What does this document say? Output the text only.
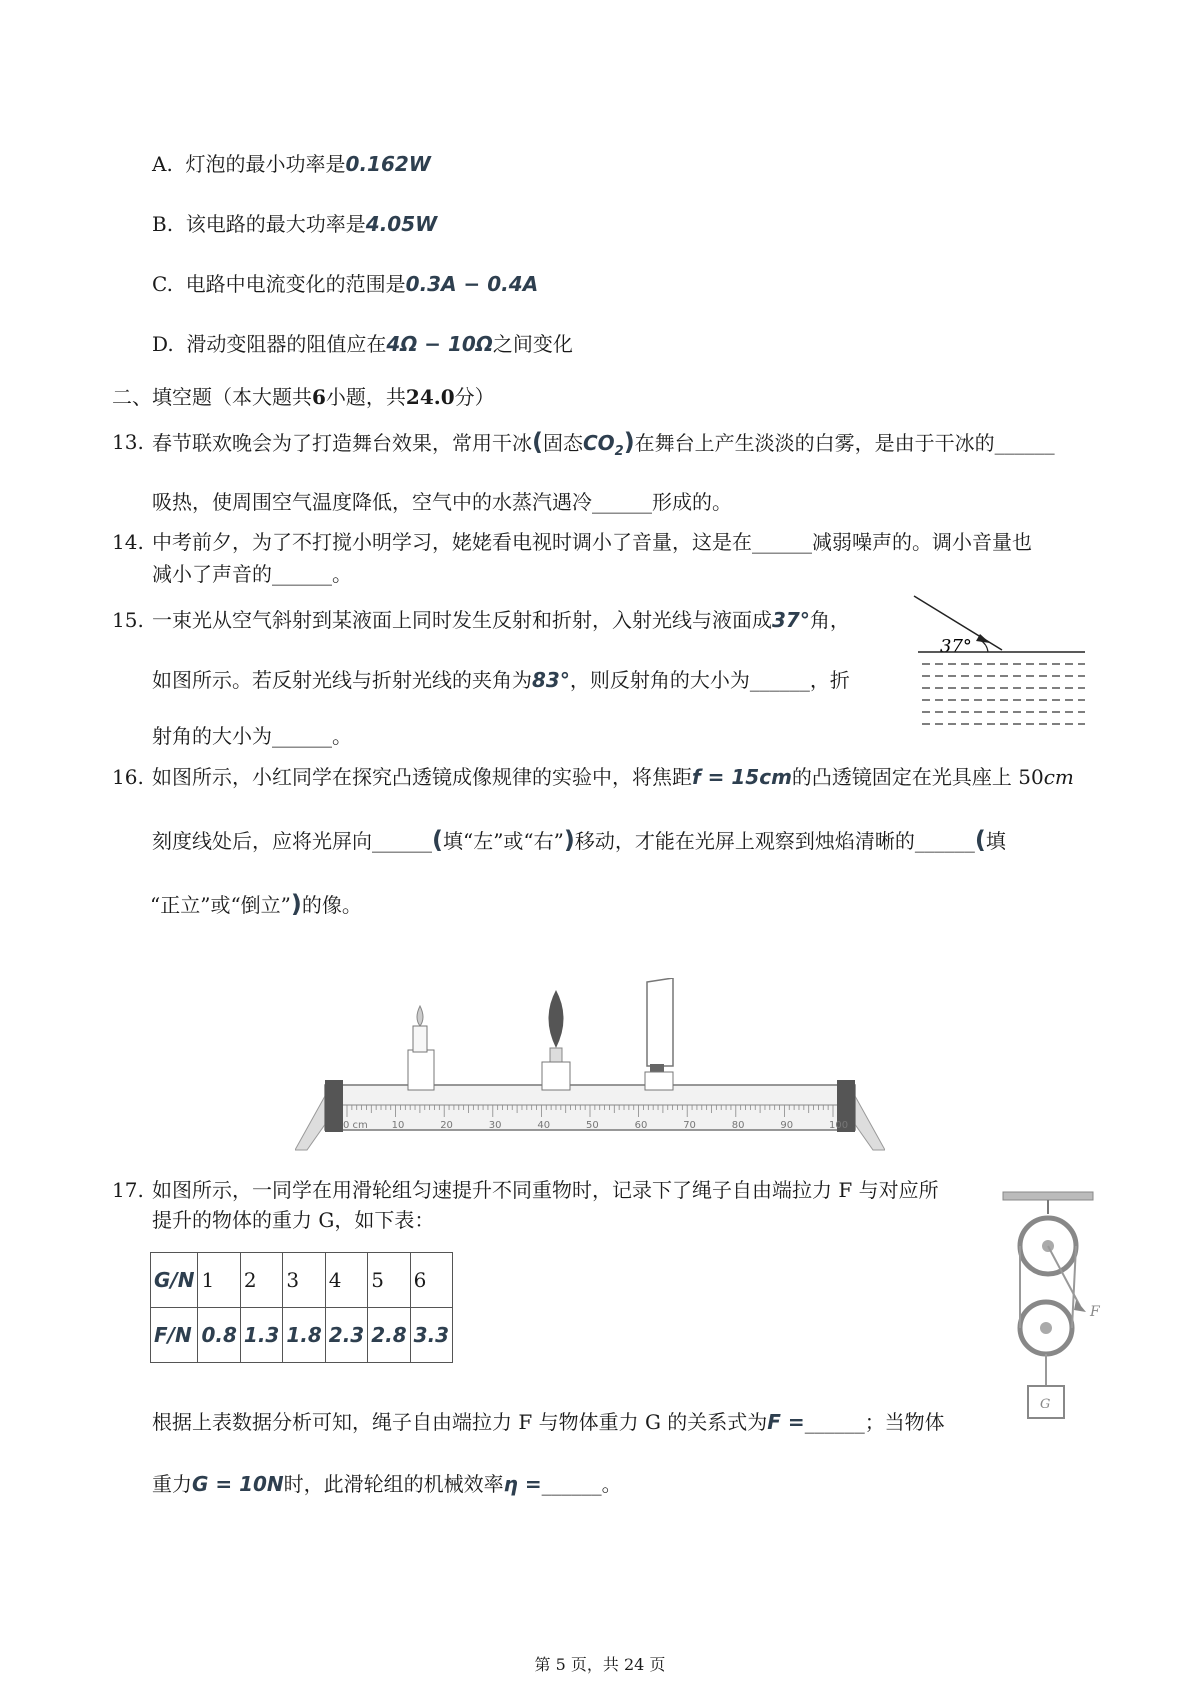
A. 灯泡的最小功率是0.162W
B. 该电路的最大功率是4.05W
C. 电路中电流变化的范围是0.3A − 0.4A
D. 滑动变阻器的阻值应在4Ω − 10Ω之间变化
二、填空题（本大题共6小题，共24.0分）
13. 春节联欢晚会为了打造舞台效果，常用干冰(固态$CO_2$)在舞台上产生淡淡的白雾，是由于干冰的______
吸热，使周围空气温度降低，空气中的水蒸汽遇冷______形成的。
14. 中考前夕，为了不打搅小明学习，姥姥看电视时调小了音量，这是在______减弱噪声的。调小音量也
减小了声音的______。
15. 一束光从空气斜射到某液面上同时发生反射和折射，入射光线与液面成37°角，
如图所示。若反射光线与折射光线的夹角为83°，则反射角的大小为______，折
射角的大小为______。
37°
16. 如图所示，小红同学在探究凸透镜成像规律的实验中，将焦距f = 15cm的凸透镜固定在光具座上 50cm
刻度线处后，应将光屏向______(填“左”或“右”)移动，才能在光屏上观察到烛焰清晰的______(填
“正立”或“倒立”)的像。
0 cm 10	20	30	40	50	60	70	80	90	100
17. 如图所示，一同学在用滑轮组匀速提升不同重物时，记录下了绳子自由端拉力 F 与对应所
提升的物体的重力 G，如下表：
G/N	1	2	3	4	5	6
F/N	0.8	1.3	1.8	2.3	2.8	3.3
根据上表数据分析可知，绳子自由端拉力 F 与物体重力 G 的关系式为F =______；当物体
重力G = 10N时，此滑轮组的机械效率η =______。
F
G
第 5 页，共 24 页
